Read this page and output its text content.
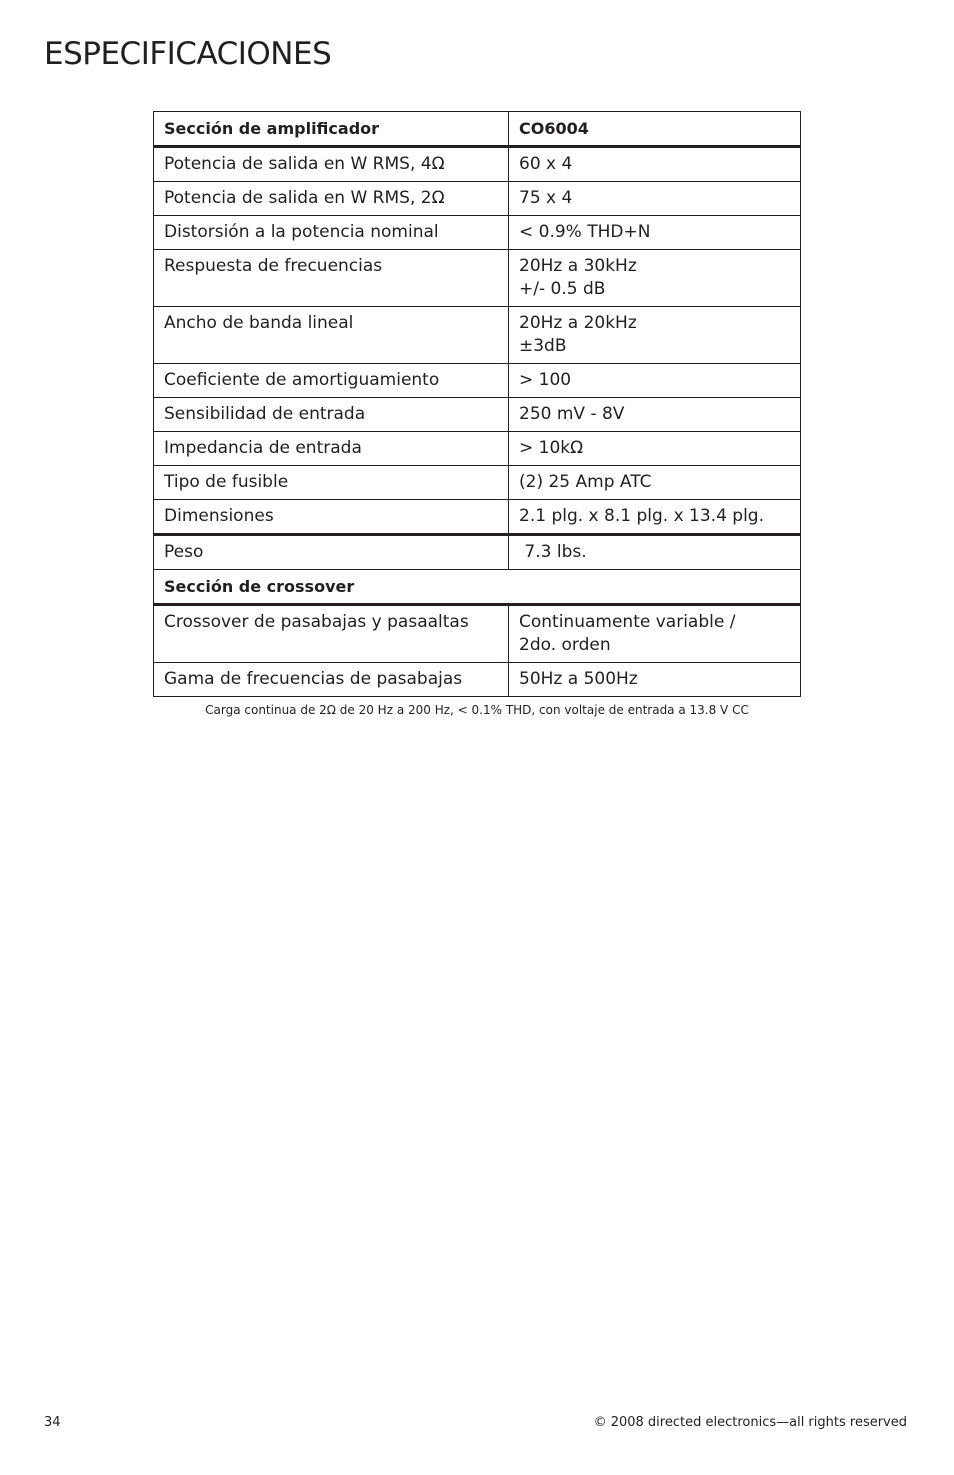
ESPECIFICACIONES
Sección de amplificador	CO6004
Potencia de salida en W RMS, 4Ω	60 x 4
Potencia de salida en W RMS, 2Ω	75 x 4
Distorsión a la potencia nominal	< 0.9% THD+N
Respuesta de frecuencias	20Hz a 30kHz
+/- 0.5 dB

Ancho de banda lineal	20Hz a 20kHz
±3dB

Coeficiente de amortiguamiento	> 100
Sensibilidad de entrada	250 mV - 8V
Impedancia de entrada	> 10kΩ
Tipo de fusible	(2) 25 Amp ATC
Dimensiones	2.1 plg. x 8.1 plg. x 13.4 plg.
Peso	7.3 lbs.
Sección de crossover	
Crossover de pasabajas y pasaaltas	Continuamente variable /
2do. orden

Gama de frecuencias de pasabajas	50Hz a 500Hz
Carga continua de 2Ω de 20 Hz a 200 Hz, < 0.1% THD, con voltaje de entrada a 13.8 V CC
34	© 2008 directed electronics—all rights reserved
